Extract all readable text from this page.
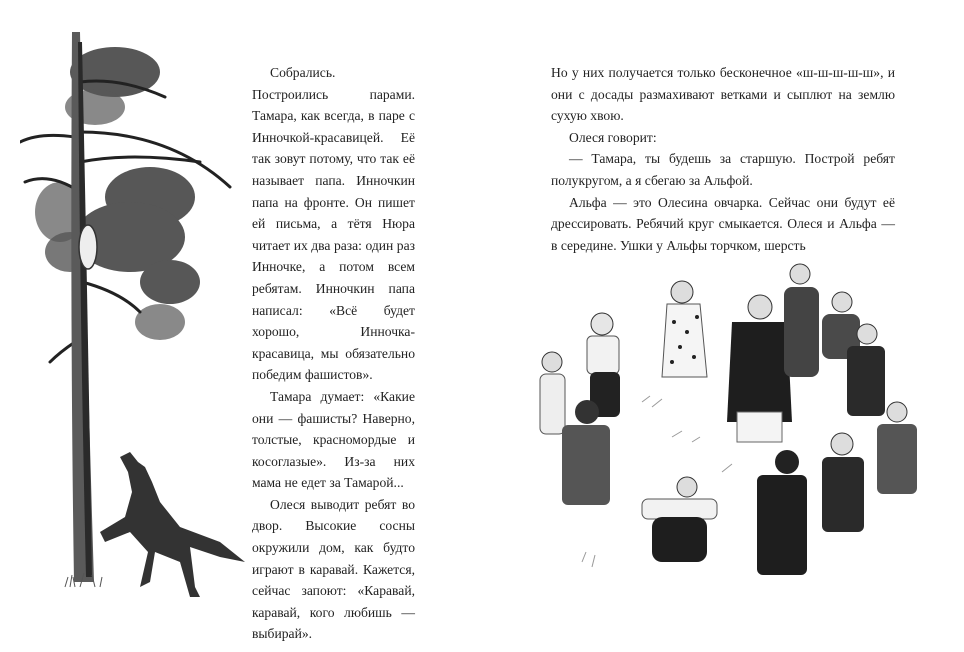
Собрались. Построились парами. Тамара, как всегда, в паре с Инночкой-красавицей. Её так зовут потому, что так её называет папа. Инночкин папа на фронте. Он пишет ей письма, а тётя Нюра читает их два раза: один раз Инночке, а потом всем ребятам. Инночкин папа написал: «Всё будет хорошо, Инночка-красавица, мы обязательно победим фашистов».

Тамара думает: «Какие они — фашисты? Наверно, толстые, красномордые и косоглазые». Из-за них мама не едет за Тамарой...

Олеся выводит ребят во двор. Высокие сосны окружили дом, как будто играют в каравай. Кажется, сейчас запоют: «Каравай, каравай, кого любишь — выбирай».

Но у них получается только бесконечное «ш-ш-ш-ш-ш», и они с досады размахивают ветками и сыплют на землю сухую хвою.

Олеся говорит:

— Тамара, ты будешь за старшую. Построй ребят полукругом, а я сбегаю за Альфой.

Альфа — это Олесина овчарка. Сейчас они будут её дрессировать. Ребячий круг смыкается. Олеся и Альфа — в середине. Ушки у Альфы торчком, шерсть
